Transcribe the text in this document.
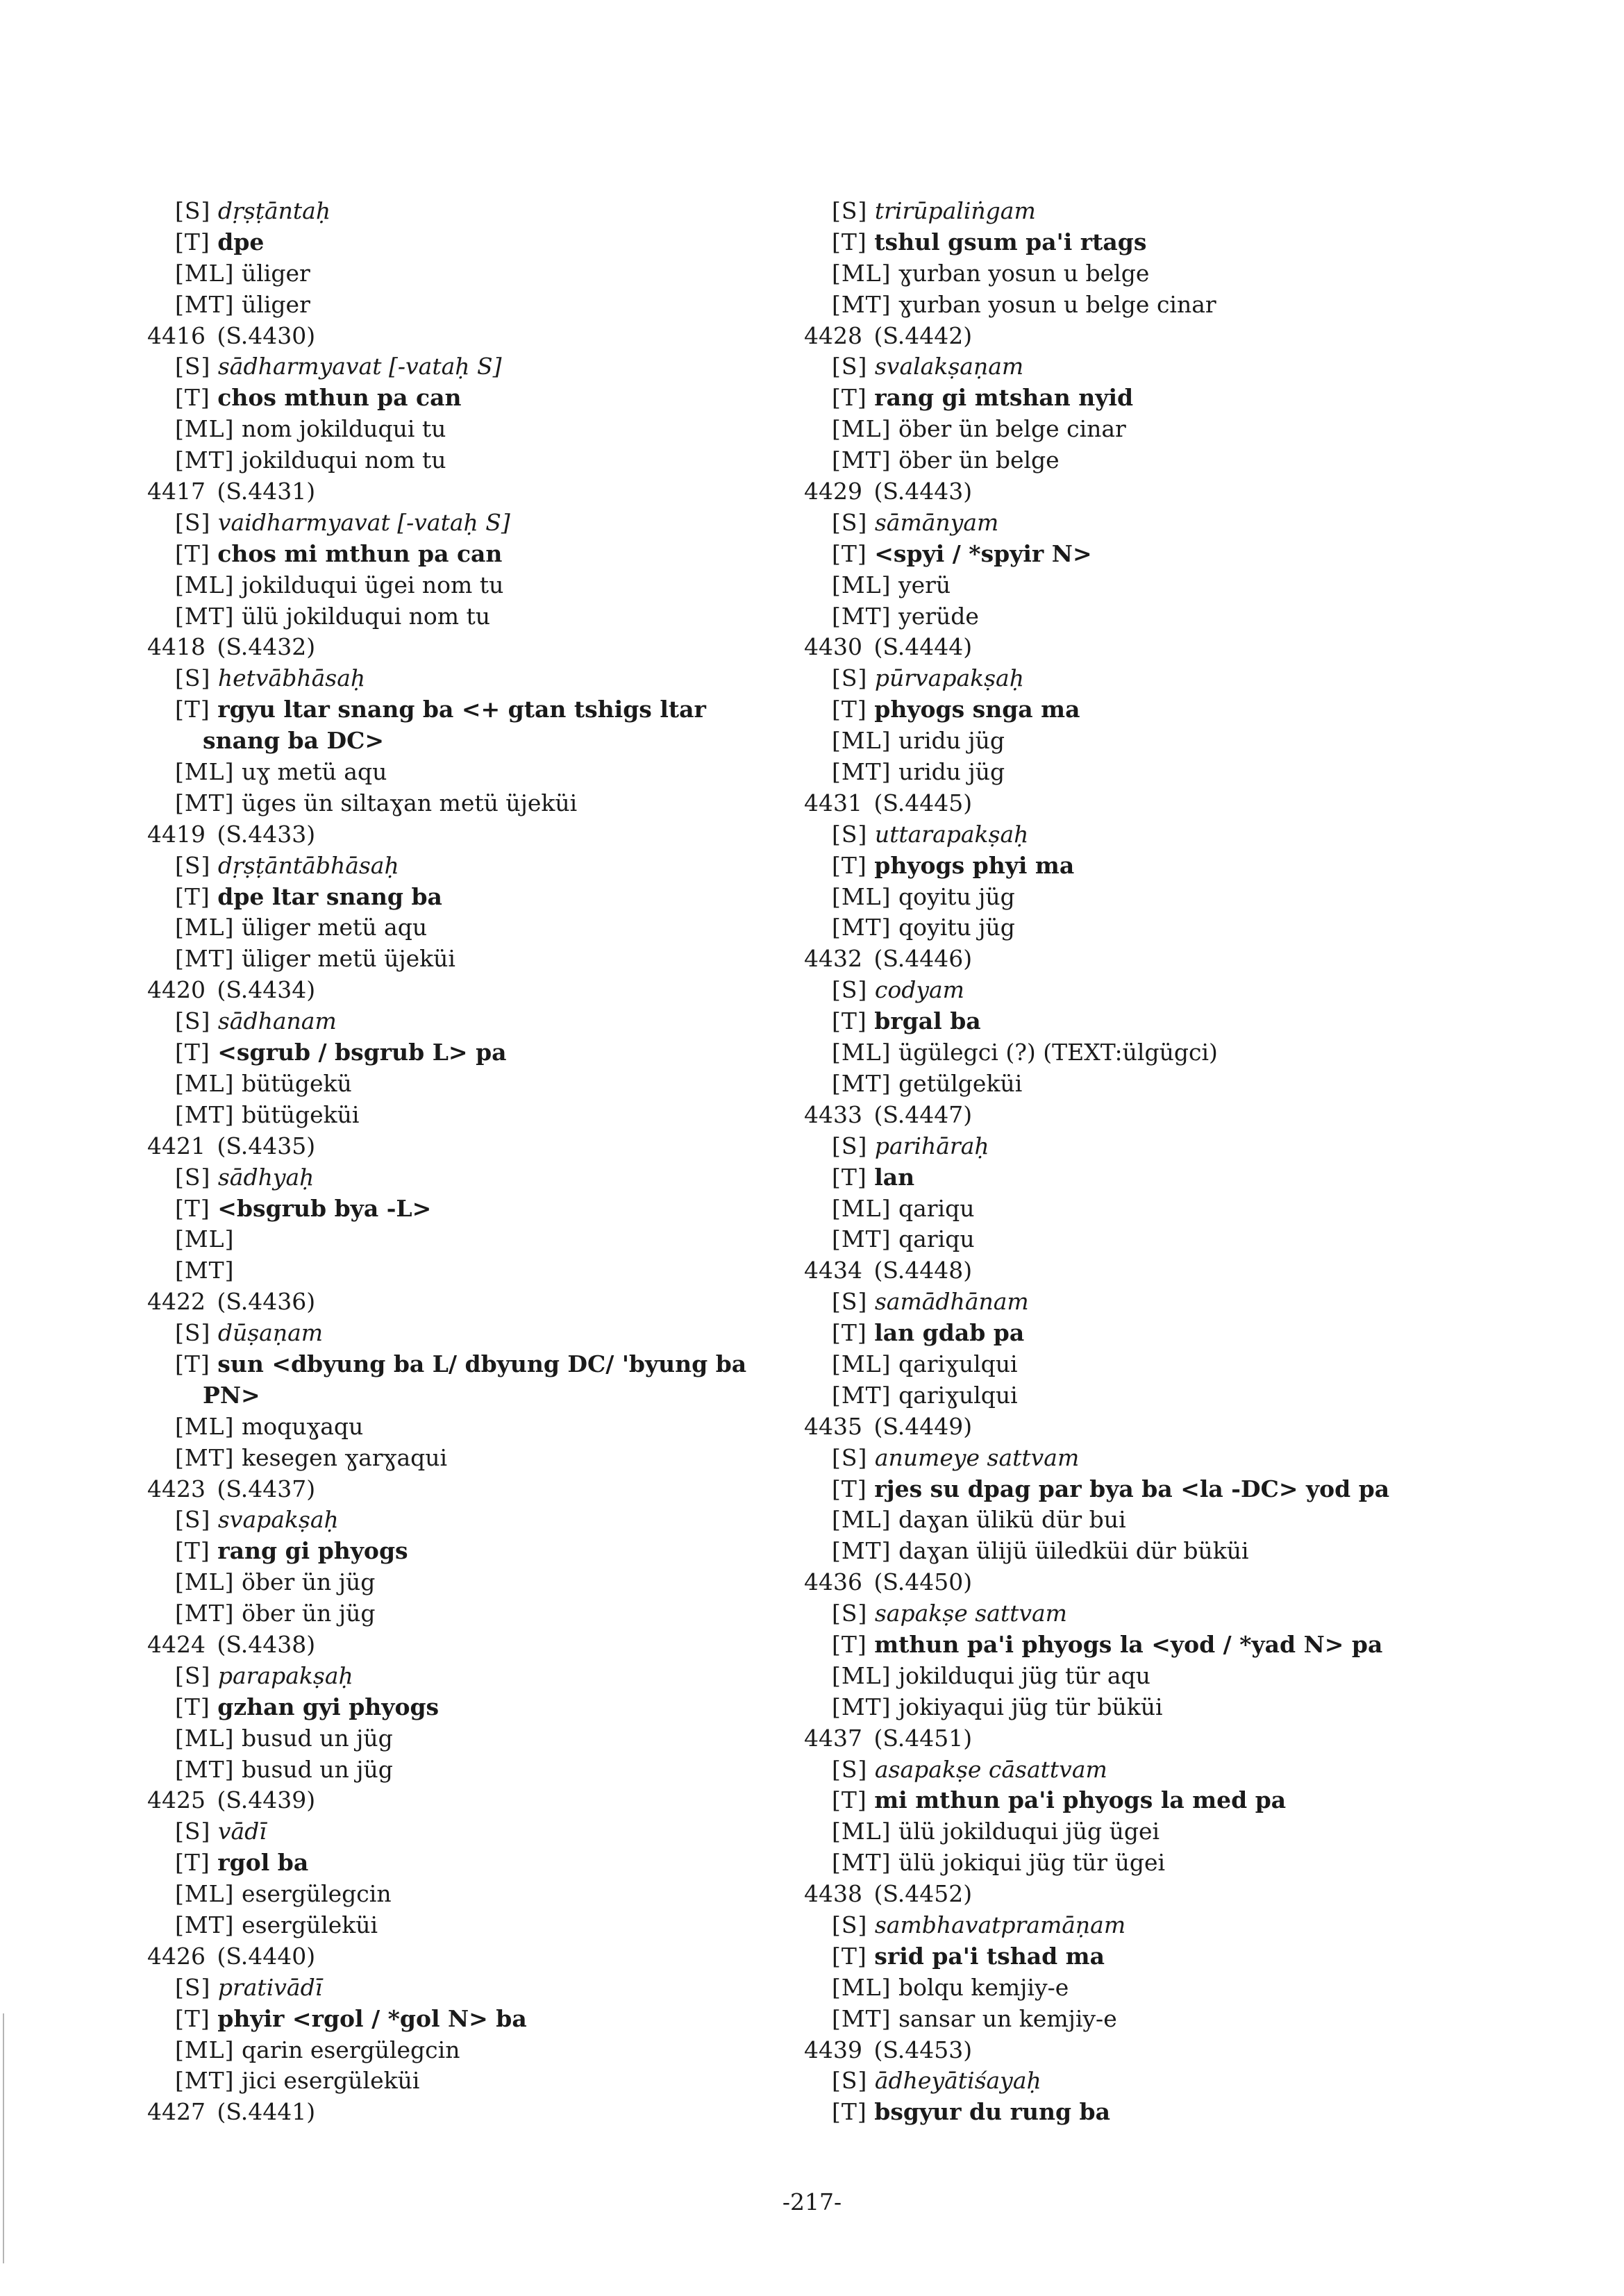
[S] dṛṣṭāntaḥ
[T] dpe
[ML] üliger
[MT] üliger
4416  (S.4430)
[S] sādharmyavat [-vataḥ S]
[T] chos mthun pa can
[ML] nom jokilduqui tu
[MT] jokilduqui nom tu
4417  (S.4431)
[S] vaidharmyavat [-vataḥ S]
[T] chos mi mthun pa can
[ML] jokilduqui ügei nom tu
[MT] ülü jokilduqui nom tu
4418  (S.4432)
[S] hetvābhāsaḥ
[T] rgyu ltar snang ba <+ gtan tshigs ltar
snang ba DC>
[ML] uɣ metü aqu
[MT] üges ün siltaɣan metü üjeküi
4419  (S.4433)
[S] dṛṣṭāntābhāsaḥ
[T] dpe ltar snang ba
[ML] üliger metü aqu
[MT] üliger metü üjeküi
4420  (S.4434)
[S] sādhanam
[T] <sgrub / bsgrub L> pa
[ML] bütügekü
[MT] bütügeküi
4421  (S.4435)
[S] sādhyaḥ
[T] <bsgrub bya -L>
[ML]
[MT]
4422  (S.4436)
[S] dūṣaṇam
[T] sun <dbyung ba L/ dbyung DC/ 'byung ba
PN>
[ML] moquɣaqu
[MT] kesegen ɣarɣaqui
4423  (S.4437)
[S] svapakṣaḥ
[T] rang gi phyogs
[ML] öber ün jüg
[MT] öber ün jüg
4424  (S.4438)
[S] parapakṣaḥ
[T] gzhan gyi phyogs
[ML] busud un jüg
[MT] busud un jüg
4425  (S.4439)
[S] vādī
[T] rgol ba
[ML] esergülegcin
[MT] esergüleküi
4426  (S.4440)
[S] prativādī
[T] phyir <rgol / *gol N> ba
[ML] qarin esergülegcin
[MT] jici esergüleküi
4427  (S.4441)
[S] trirūpaliṅgam
[T] tshul gsum pa'i rtags
[ML] ɣurban yosun u belge
[MT] ɣurban yosun u belge cinar
4428  (S.4442)
[S] svalakṣaṇam
[T] rang gi mtshan nyid
[ML] öber ün belge cinar
[MT] öber ün belge
4429  (S.4443)
[S] sāmānyam
[T] <spyi / *spyir N>
[ML] yerü
[MT] yerüde
4430  (S.4444)
[S] pūrvapakṣaḥ
[T] phyogs snga ma
[ML] uridu jüg
[MT] uridu jüg
4431  (S.4445)
[S] uttarapakṣaḥ
[T] phyogs phyi ma
[ML] qoyitu jüg
[MT] qoyitu jüg
4432  (S.4446)
[S] codyam
[T] brgal ba
[ML] ügülegci (?) (TEXT:ülgügci)
[MT] getülgeküi
4433  (S.4447)
[S] parihāraḥ
[T] lan
[ML] qariqu
[MT] qariqu
4434  (S.4448)
[S] samādhānam
[T] lan gdab pa
[ML] qariɣulqui
[MT] qariɣulqui
4435  (S.4449)
[S] anumeye sattvam
[T] rjes su dpag par bya ba <la -DC> yod pa
[ML] daɣan ülikü dür bui
[MT] daɣan ülijü üiledküi dür büküi
4436  (S.4450)
[S] sapakṣe sattvam
[T] mthun pa'i phyogs la <yod / *yad N> pa
[ML] jokilduqui jüg tür aqu
[MT] jokiyaqui jüg tür büküi
4437  (S.4451)
[S] asapakṣe cāsattvam
[T] mi mthun pa'i phyogs la med pa
[ML] ülü jokilduqui jüg ügei
[MT] ülü jokiqui jüg tür ügei
4438  (S.4452)
[S] sambhavatpramāṇam
[T] srid pa'i tshad ma
[ML] bolqu kemjiy-e
[MT] sansar un kemjiy-e
4439  (S.4453)
[S] ādheyātiśayaḥ
[T] bsgyur du rung ba
-217-
